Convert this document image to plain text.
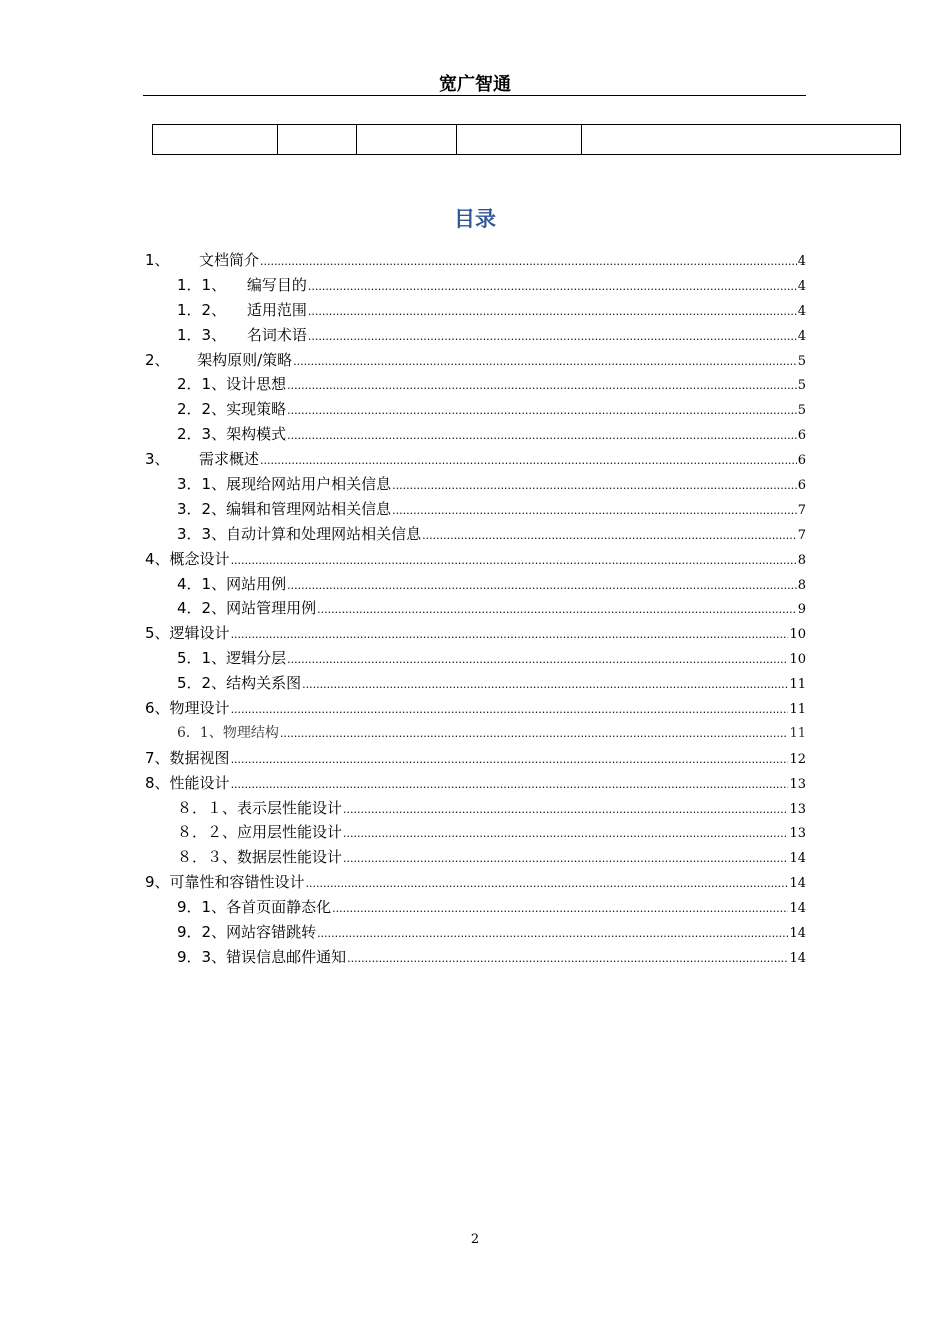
宽广智通

目录
1、 文档简介 .....	4
1．1、 编写目的 .....	4
1．2、 适用范围 .....	4
1．3、 名词术语 .....	4
2、 架构原则/策略 .....	5
2．1、 设计思想 .....	5
2．2、 实现策略 .....	5
2．3、 架构模式 .....	6
3、 需求概述 .....	6
3．1、 展现给网站用户相关信息 .....	6
3．2、 编辑和管理网站相关信息 .....	7
3．3、 自动计算和处理网站相关信息 .....	7
4、 概念设计 .....	8
4．1、 网站用例 .....	8
4．2、 网站管理用例 .....	9
5、 逻辑设计 .....	10
5．1、 逻辑分层 .....	10
5．2、 结构关系图 .....	11
6、 物理设计 .....	11
6．1、 物理结构 .....	11
7、 数据视图 .....	12
8、 性能设计 .....	13
８．１、 表示层性能设计 .....	13
８．２、 应用层性能设计 .....	13
８．３、 数据层性能设计 .....	14
9、 可靠性和容错性设计 .....	14
9．1、 各首页面静态化 .....	14
9．2、 网站容错跳转 .....	14
9．3、 错误信息邮件通知 .....	14
2
